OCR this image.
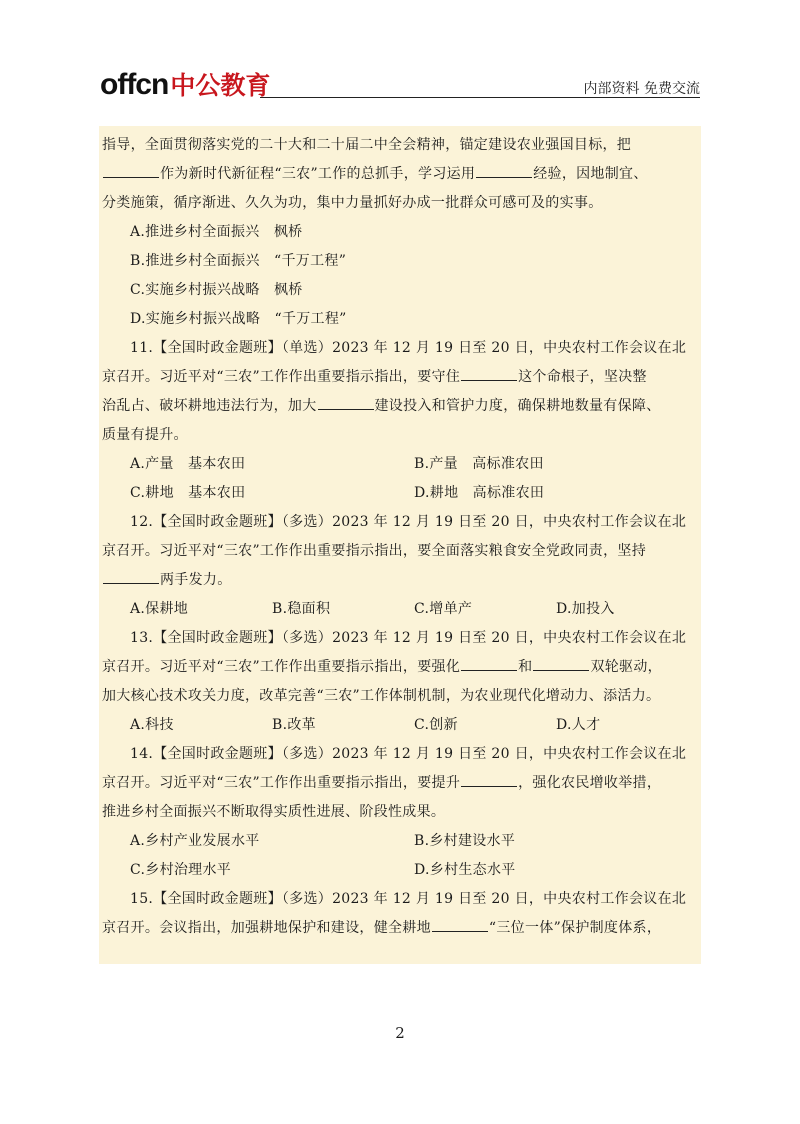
offcn 中公教育	内部资料 免费交流

指导，全面贯彻落实党的二十大和二十届二中全会精神，锚定建设农业强国目标，把

作为新时代新征程“三农”工作的总抓手，学习运用	经验，因地制宜、

分类施策，循序渐进、久久为功，集中力量抓好办成一批群众可感可及的实事。

A.推进乡村全面振兴　枫桥
B.推进乡村全面振兴　“千万工程”
C.实施乡村振兴战略　枫桥
D.实施乡村振兴战略　“千万工程”

11.【全国时政金题班】（单选）2023 年 12 月 19 日至 20 日，中央农村工作会议在北

京召开。习近平对“三农”工作作出重要指示指出，要守住	这个命根子，坚决整

治乱占、破坏耕地违法行为，加大	建设投入和管护力度，确保耕地数量有保障、

质量有提升。

A.产量　基本农田	B.产量　高标准农田
C.耕地　基本农田	D.耕地　高标准农田

12.【全国时政金题班】（多选）2023 年 12 月 19 日至 20 日，中央农村工作会议在北

京召开。习近平对“三农”工作作出重要指示指出，要全面落实粮食安全党政同责，坚持

两手发力。

A.保耕地	B.稳面积	C.增单产	D.加投入

13.【全国时政金题班】（多选）2023 年 12 月 19 日至 20 日，中央农村工作会议在北

京召开。习近平对“三农”工作作出重要指示指出，要强化	和	双轮驱动，

加大核心技术攻关力度，改革完善“三农”工作体制机制，为农业现代化增动力、添活力。

A.科技	B.改革	C.创新	D.人才

14.【全国时政金题班】（多选）2023 年 12 月 19 日至 20 日，中央农村工作会议在北

京召开。习近平对“三农”工作作出重要指示指出，要提升	，强化农民增收举措，

推进乡村全面振兴不断取得实质性进展、阶段性成果。

A.乡村产业发展水平	B.乡村建设水平
C.乡村治理水平	D.乡村生态水平

15.【全国时政金题班】（多选）2023 年 12 月 19 日至 20 日，中央农村工作会议在北

京召开。会议指出，加强耕地保护和建设，健全耕地	“三位一体”保护制度体系，

2
